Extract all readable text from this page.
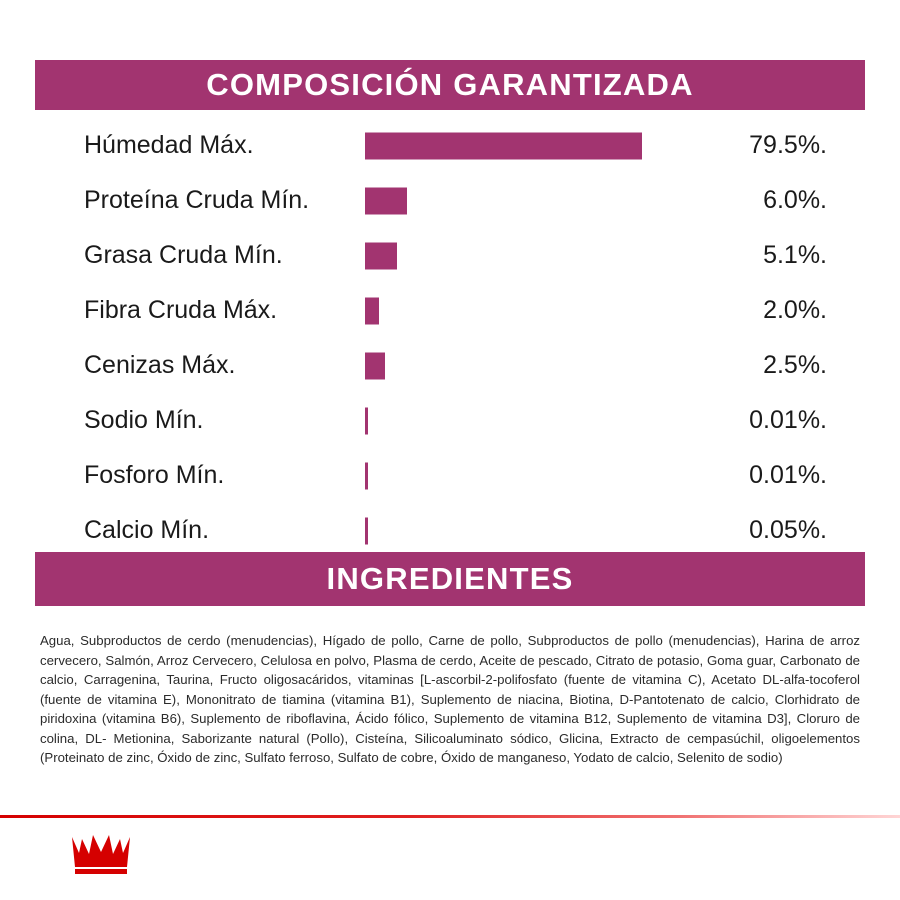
COMPOSICIÓN GARANTIZADA
Húmedad Máx.	79.5%.
Proteína Cruda Mín.	6.0%.
Grasa Cruda Mín.	5.1%.
Fibra Cruda Máx.	2.0%.
Cenizas Máx.	2.5%.
Sodio Mín.	0.01%.
Fosforo Mín.	0.01%.
Calcio Mín.	0.05%.
INGREDIENTES

Agua, Subproductos de cerdo (menudencias), Hígado de pollo, Carne de pollo, Subproductos de pollo (menudencias), Harina de arroz cervecero, Salmón, Arroz Cervecero, Celulosa en polvo, Plasma de cerdo, Aceite de pescado, Citrato de potasio, Goma guar, Carbonato de calcio, Carragenina, Taurina, Fructo oligosacáridos, vitaminas [L-ascorbil-2-polifosfato (fuente de vitamina C), Acetato DL-alfa-tocoferol (fuente de vitamina E), Mononitrato de tiamina (vitamina B1), Suplemento de niacina, Biotina, D-Pantotenato de calcio, Clorhidrato de piridoxina (vitamina B6), Suplemento de riboflavina, Ácido fólico, Suplemento de vitamina B12, Suplemento de vitamina D3], Cloruro de colina, DL- Metionina, Saborizante natural (Pollo), Cisteína, Silicoaluminato sódico, Glicina, Extracto de cempasúchil, oligoelementos (Proteinato de zinc, Óxido de zinc, Sulfato ferroso, Sulfato de cobre, Óxido de manganeso, Yodato de calcio, Selenito de sodio)
